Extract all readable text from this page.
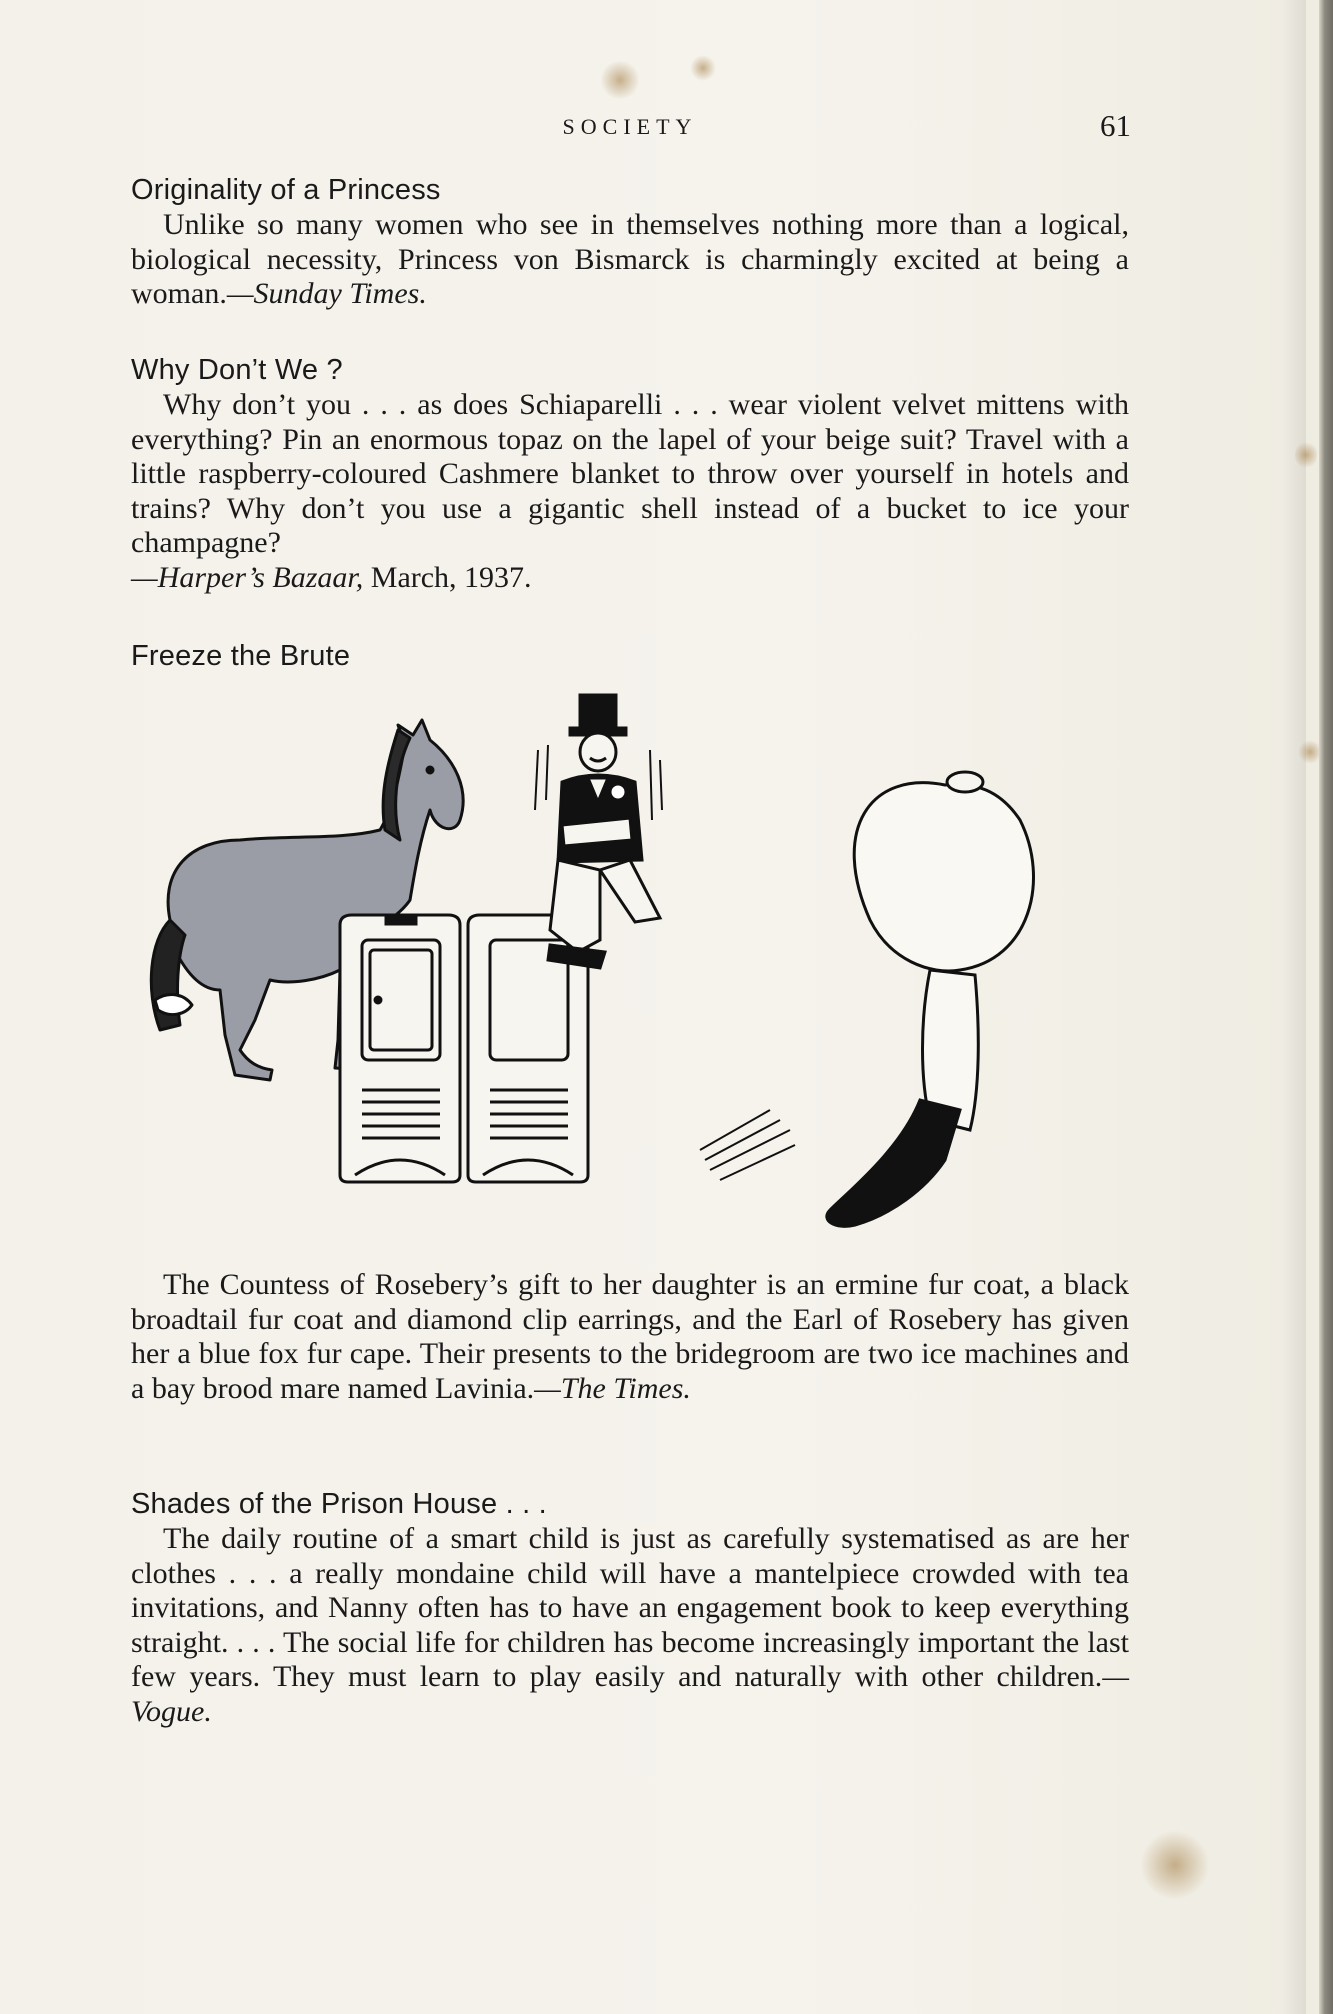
SOCIETY	61
Originality of a Princess

Unlike so many women who see in themselves nothing more than a logical, biological necessity, Princess von Bismarck is charmingly excited at being a woman.—Sunday Times.

Why Don’t We ?

Why don’t you . . . as does Schiaparelli . . . wear violent velvet mittens with everything? Pin an enormous topaz on the lapel of your beige suit? Travel with a little raspberry-coloured Cashmere blanket to throw over yourself in hotels and trains? Why don’t you use a gigantic shell instead of a bucket to ice your champagne?
—Harper’s Bazaar, March, 1937.

Freeze the Brute

The Countess of Rosebery’s gift to her daughter is an ermine fur coat, a black broadtail fur coat and diamond clip earrings, and the Earl of Rosebery has given her a blue fox fur cape. Their presents to the bridegroom are two ice machines and a bay brood mare named Lavinia.—The Times.

Shades of the Prison House . . .

The daily routine of a smart child is just as carefully systematised as are her clothes . . . a really mondaine child will have a mantelpiece crowded with tea invitations, and Nanny often has to have an engagement book to keep everything straight. . . . The social life for children has become increasingly important the last few years. They must learn to play easily and naturally with other children.—Vogue.
